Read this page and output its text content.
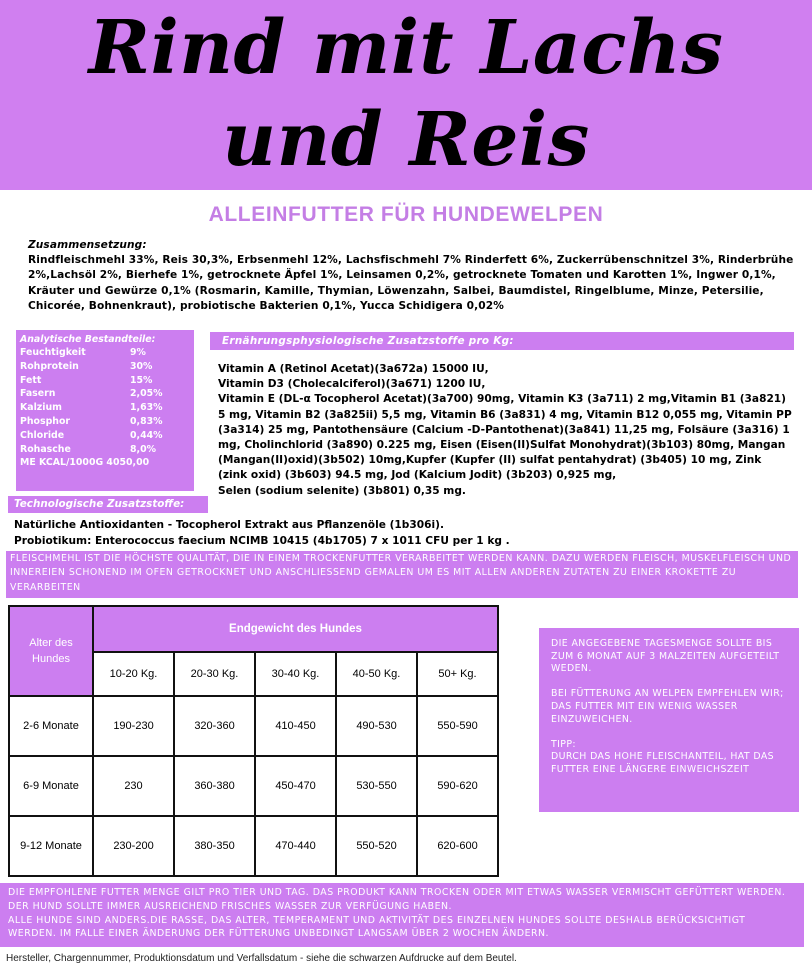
Rind mit Lachs und Reis
ALLEINFUTTER FÜR HUNDEWELPEN
Zusammensetzung:
Rindfleischmehl 33%, Reis 30,3%, Erbsenmehl 12%, Lachsfischmehl 7% Rinderfett 6%, Zuckerrübenschnitzel 3%, Rinderbrühe 2%,Lachsöl 2%, Bierhefe 1%, getrocknete Äpfel 1%, Leinsamen 0,2%, getrocknete Tomaten und Karotten 1%, Ingwer 0,1%, Kräuter und Gewürze 0,1% (Rosmarin, Kamille, Thymian, Löwenzahn, Salbei, Baumdistel, Ringelblume, Minze, Petersilie, Chicorée, Bohnenkraut), probiotische Bakterien 0,1%, Yucca Schidigera 0,02%
Analytische Bestandteile:
Feuchtigkeit	9%
Rohprotein	30%
Fett	15%
Fasern	2,05%
Kalzium	1,63%
Phosphor	0,83%
Chloride	0,44%
Rohasche	8,0%
ME KCAL/1000G 4050,00
Ernährungsphysiologische Zusatzstoffe pro Kg:
Vitamin A (Retinol Acetat)(3a672a) 15000 IU,
Vitamin D3 (Cholecalciferol)(3a671) 1200 IU,
Vitamin E (DL-α Tocopherol Acetat)(3a700) 90mg, Vitamin K3 (3a711) 2 mg,Vitamin B1 (3a821) 5 mg, Vitamin B2 (3a825ii) 5,5 mg, Vitamin B6 (3a831) 4 mg, Vitamin B12 0,055 mg, Vitamin PP (3a314) 25 mg, Pantothensäure (Calcium -D-Pantothenat)(3a841) 11,25 mg, Folsäure (3a316) 1 mg, Cholinchlorid (3a890) 0.225 mg, Eisen (Eisen(II)Sulfat Monohydrat)(3b103) 80mg, Mangan (Mangan(II)oxid)(3b502) 10mg,Kupfer (Kupfer (II) sulfat pentahydrat) (3b405) 10 mg, Zink (zink oxid) (3b603) 94.5 mg, Jod (Kalcium Jodit) (3b203) 0,925 mg,
Selen (sodium selenite) (3b801) 0,35 mg.
Technologische Zusatzstoffe:
Natürliche Antioxidanten - Tocopherol Extrakt aus Pflanzenöle (1b306i).
Probiotikum: Enterococcus faecium NCIMB 10415 (4b1705) 7 x 1011 CFU per 1 kg .
FLEISCHMEHL IST DIE HÖCHSTE QUALITÄT, DIE IN EINEM TROCKENFUTTER VERARBEITET WERDEN KANN. DAZU WERDEN FLEISCH, MUSKELFLEISCH UND INNEREIEN SCHONEND IM OFEN GETROCKNET UND ANSCHLIESSEND GEMALEN UM ES MIT ALLEN ANDEREN ZUTATEN ZU EINER KROKETTE ZU VERARBEITEN
Alter des Hundes	Endgewicht des Hundes				
	10-20 Kg.	20-30 Kg.	30-40 Kg.	40-50 Kg.	50+ Kg.
2-6 Monate	190-230	320-360	410-450	490-530	550-590
6-9 Monate	230	360-380	450-470	530-550	590-620
9-12 Monate	230-200	380-350	470-440	550-520	620-600

DIE ANGEGEBENE TAGESMENGE SOLLTE BIS ZUM 6 MONAT AUF 3 MALZEITEN AUFGETEILT WEDEN.

BEI FÜTTERUNG AN WELPEN EMPFEHLEN WIR; DAS FUTTER MIT EIN WENIG WASSER EINZUWEICHEN.

TIPP:
DURCH DAS HOHE FLEISCHANTEIL, HAT DAS FUTTER EINE LÄNGERE EINWEICHSZEIT
DIE EMPFOHLENE FUTTER MENGE GILT PRO TIER UND TAG. DAS PRODUKT KANN TROCKEN ODER MIT ETWAS WASSER VERMISCHT GEFÜTTERT WERDEN. DER HUND SOLLTE IMMER AUSREICHEND FRISCHES WASSER ZUR VERFÜGUNG HABEN.
ALLE HUNDE SIND ANDERS.DIE RASSE, DAS ALTER, TEMPERAMENT UND AKTIVITÄT DES EINZELNEN HUNDES SOLLTE DESHALB BERÜCKSICHTIGT WERDEN. IM FALLE EINER ÄNDERUNG DER FÜTTERUNG UNBEDINGT LANGSAM ÜBER 2 WOCHEN ÄNDERN.
Hersteller, Chargennummer, Produktionsdatum und Verfallsdatum - siehe die schwarzen Aufdrucke auf dem Beutel.
